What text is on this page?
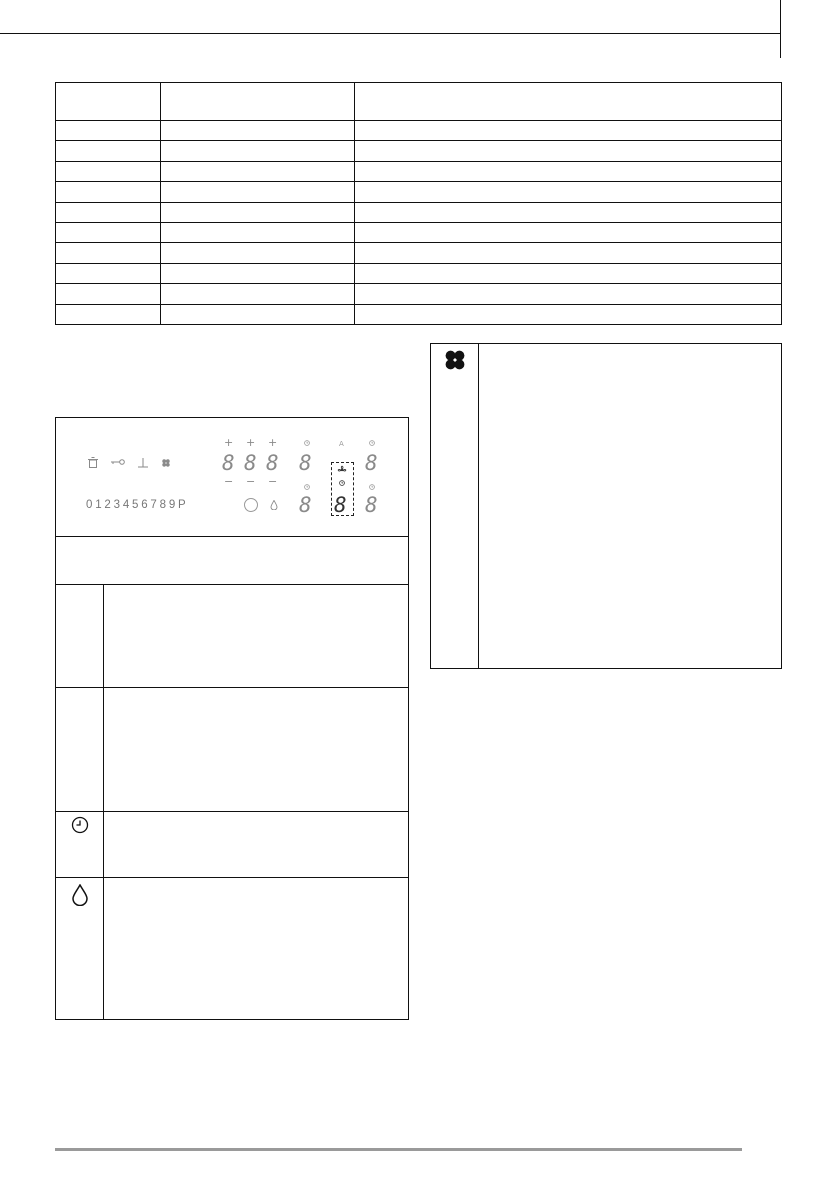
+ + +
8 8 8 8	8
8 8 8
− − −
A
0 1 2 3 4 5 6 7 8 9 P
